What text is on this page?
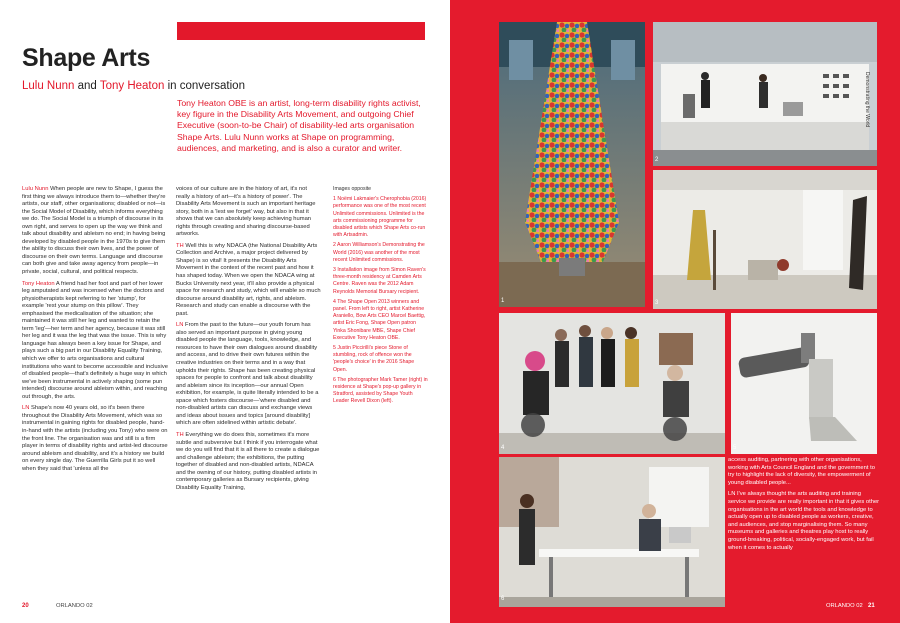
Shape Arts
Lulu Nunn and Tony Heaton in conversation
Tony Heaton OBE is an artist, long-term disability rights activist, key figure in the Disability Arts Movement, and outgoing Chief Executive (soon-to-be Chair) of disability-led arts organisation Shape Arts. Lulu Nunn works at Shape on programming, audiences, and marketing, and is also a curator and writer.

Lulu Nunn When people are new to Shape, I guess the first thing we always introduce them to—whether they're artists, our staff, other organisations; disabled or not—is the Social Model of Disability, which informs everything we do. The Social Model is a triumph of discourse in its own right, and serves to open up the way we think and talk about disability and ableism no end; in having being developed by disabled people in the 1970s to give them the ability to discuss their own lives, and the power of discourse on their own terms. Language and discourse can both give and take away agency from people—in private, social, cultural, and political respects.

Tony Heaton A friend had her foot and part of her lower leg amputated and was incensed when the doctors and physiotherapists kept referring to her 'stump', for example 'rest your stump on this pillow'. They emphasised the medicalisation of the situation; she maintained it was still her leg and wanted to retain the term 'leg'—her term and her agency, because it was still her leg and it was the leg that was the issue. This is why language has always been a key issue for Shape, and plays such a big part in our Disability Equality Training, which we offer to arts organisations and cultural institutions who want to become accessible and inclusive of disabled people—that's definitely a huge way in which we've been instrumental in actively shaping (some pun intended) discourse around ableism within, and reaching out through, the arts.

LN Shape's now 40 years old, so it's been there throughout the Disability Arts Movement, which was so instrumental in gaining rights for disabled people, hand-in-hand with the artists (including you Tony) who were on the front line. The organisation was and still is a firm player in terms of disability rights and artist-led discourse around ableism and disability, and it's a history we build on every single day. The Guerrilla Girls put it so well when they said that 'unless all the

voices of our culture are in the history of art, it's not really a history of art—it's a history of power'. The Disability Arts Movement is such an important heritage story, both in a 'lest we forget' way, but also in that it shows that we can absolutely keep achieving human rights through creating and sharing discourse-based artworks.

TH Well this is why NDACA (the National Disability Arts Collection and Archive, a major project delivered by Shape) is so vital! It presents the Disability Arts Movement in the context of the recent past and how it has shaped today. When we open the NDACA wing at Bucks University next year, it'll also provide a physical space for research and study, which will enable so much discourse around disability art, rights, and ableism. Research and study can enable a discourse with the past.

LN From the past to the future—our youth forum has also served an important purpose in giving young disabled people the language, tools, knowledge, and resources to have their own dialogues around disability and access, and to drive their own futures within the creative industries on their terms and in a way that upholds their rights. Shape has been creating physical spaces for people to confront and talk about disability and ableism since its inception—our annual Open exhibition, for example, is quite literally intended to be a space which fosters discourse—'where disabled and non-disabled artists can discuss and exchange views and ideas about issues and topics [around disability] which are often sidelined within artistic debate'.

TH Everything we do does this, sometimes it's more subtle and subversive but I think if you interrogate what we do you will find that it is all there to create a dialogue and challenge ableism; the exhibitions, the putting together of disabled and non-disabled artists, NDACA and the owning of our history, putting disabled artists in contemporary galleries as Bursary recipients, giving Disability Equality Training,

Images opposite

1 Noëmi Lakmaier's Cherophobia (2016) performance was one of the most recent Unlimited commissions. Unlimited is the arts commissioning programme for disabled artists which Shape Arts co-run with Artsadmin.

2 Aaron Williamson's Demonstrating the World (2016) was another of the most recent Unlimited commissions.

3 Installation image from Simon Raven's three-month residency at Camden Arts Centre. Raven was the 2012 Adam Reynolds Memorial Bursary recipient.

4 The Shape Open 2013 winners and panel. From left to right, artist Katherine Araniello, Bow Arts CEO Marcel Baettig, artist Eric Fong, Shape Open patron Yinka Shonibare MBE, Shape Chief Executive Tony Heaton OBE.

5 Justin Piccirilli's piece Stone of stumbling, rock of offence won the 'people's choice' in the 2016 Shape Open.

6 The photographer Mark Tamer (right) in residence at Shape's pop-up gallery in Stratford, assisted by Shape Youth Leader Revell Dixon (left).

20	ORLANDO 02
1
Demonstrating the World
2
3
4	5
6

access auditing, partnering with other organisations, working with Arts Council England and the government to try to highlight the lack of diversity, the empowerment of young disabled people...

LN I've always thought the arts auditing and training service we provide are really important in that it gives other organisations in the art world the tools and knowledge to actually open up to disabled people as workers, creative, and audiences, and stop marginalising them. So many museums and galleries and theatres play host to really ground-breaking, political, socially-engaged work, but fail when it comes to actually

ORLANDO 02 21
